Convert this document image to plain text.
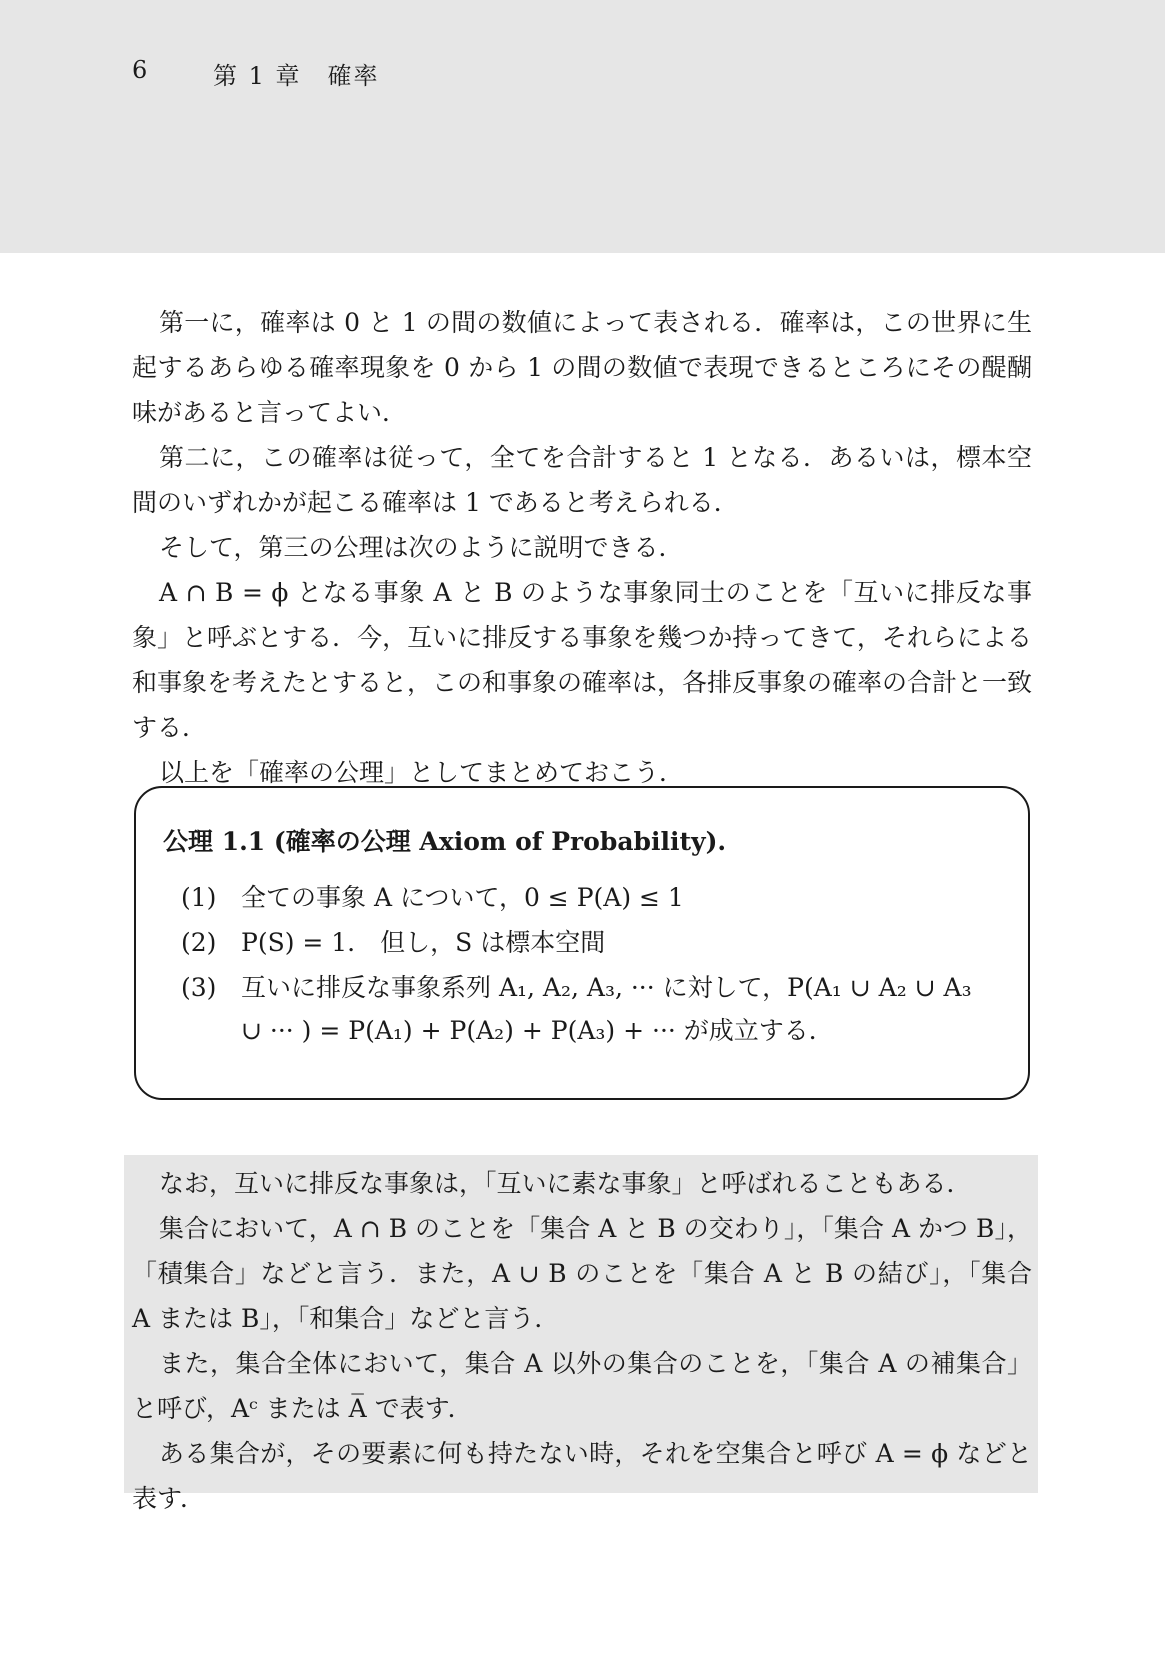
6	第 1 章　確率

第一に，確率は 0 と 1 の間の数値によって表される．確率は，この世界に生起するあらゆる確率現象を 0 から 1 の間の数値で表現できるところにその醍醐味があると言ってよい．

第二に，この確率は従って，全てを合計すると 1 となる．あるいは，標本空間のいずれかが起こる確率は 1 であると考えられる．

そして，第三の公理は次のように説明できる．

A ∩ B = ϕ となる事象 A と B のような事象同士のことを「互いに排反な事象」と呼ぶとする．今，互いに排反する事象を幾つか持ってきて，それらによる和事象を考えたとすると，この和事象の確率は，各排反事象の確率の合計と一致する．

以上を「確率の公理」としてまとめておこう．

公理 1.1 (確率の公理 Axiom of Probability).
(1) 全ての事象 A について，0 ≤ P(A) ≤ 1
(2) P(S) = 1． 但し，S は標本空間
(3) 互いに排反な事象系列 A₁, A₂, A₃, ··· に対して，P(A₁ ∪ A₂ ∪ A₃ ∪ ··· ) = P(A₁) + P(A₂) + P(A₃) + ··· が成立する．

なお，互いに排反な事象は，「互いに素な事象」と呼ばれることもある．

集合において，A ∩ B のことを「集合 A と B の交わり」，「集合 A かつ B」，「積集合」などと言う．また，A ∪ B のことを「集合 A と B の結び」，「集合 A または B」，「和集合」などと言う．

また，集合全体において，集合 A 以外の集合のことを，「集合 A の補集合」と呼び，Aᶜ または A̅ で表す．

ある集合が，その要素に何も持たない時，それを空集合と呼び A = ϕ などと表す．
